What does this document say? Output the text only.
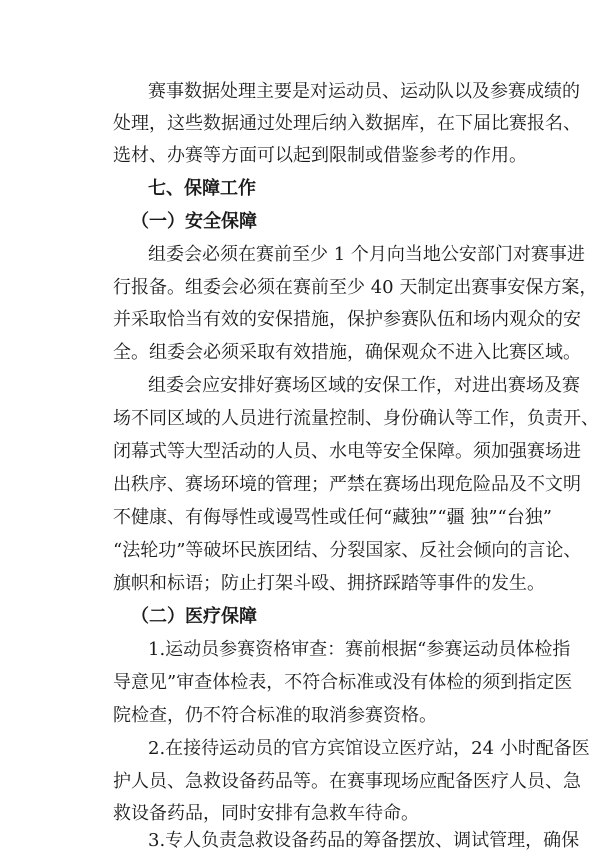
赛事数据处理主要是对运动员、运动队以及参赛成绩的
处理，这些数据通过处理后纳入数据库，在下届比赛报名、
选材、办赛等方面可以起到限制或借鉴参考的作用。
七、保障工作
（一）安全保障
组委会必须在赛前至少 1 个月向当地公安部门对赛事进
行报备。组委会必须在赛前至少 40 天制定出赛事安保方案，
并采取恰当有效的安保措施，保护参赛队伍和场内观众的安
全。组委会必须采取有效措施，确保观众不进入比赛区域。
组委会应安排好赛场区域的安保工作，对进出赛场及赛
场不同区域的人员进行流量控制、身份确认等工作，负责开、
闭幕式等大型活动的人员、水电等安全保障。须加强赛场进
出秩序、赛场环境的管理；严禁在赛场出现危险品及不文明
不健康、有侮辱性或谩骂性或任何“藏独”“疆 独”“台独”
“法轮功”等破坏民族团结、分裂国家、反社会倾向的言论、
旗帜和标语；防止打架斗殴、拥挤踩踏等事件的发生。
（二）医疗保障
1.运动员参赛资格审查：赛前根据“参赛运动员体检指
导意见”审查体检表，不符合标准或没有体检的须到指定医
院检查，仍不符合标准的取消参赛资格。
2.在接待运动员的官方宾馆设立医疗站，24 小时配备医
护人员、急救设备药品等。在赛事现场应配备医疗人员、急
救设备药品，同时安排有急救车待命。
3.专人负责急救设备药品的筹备摆放、调试管理，确保
